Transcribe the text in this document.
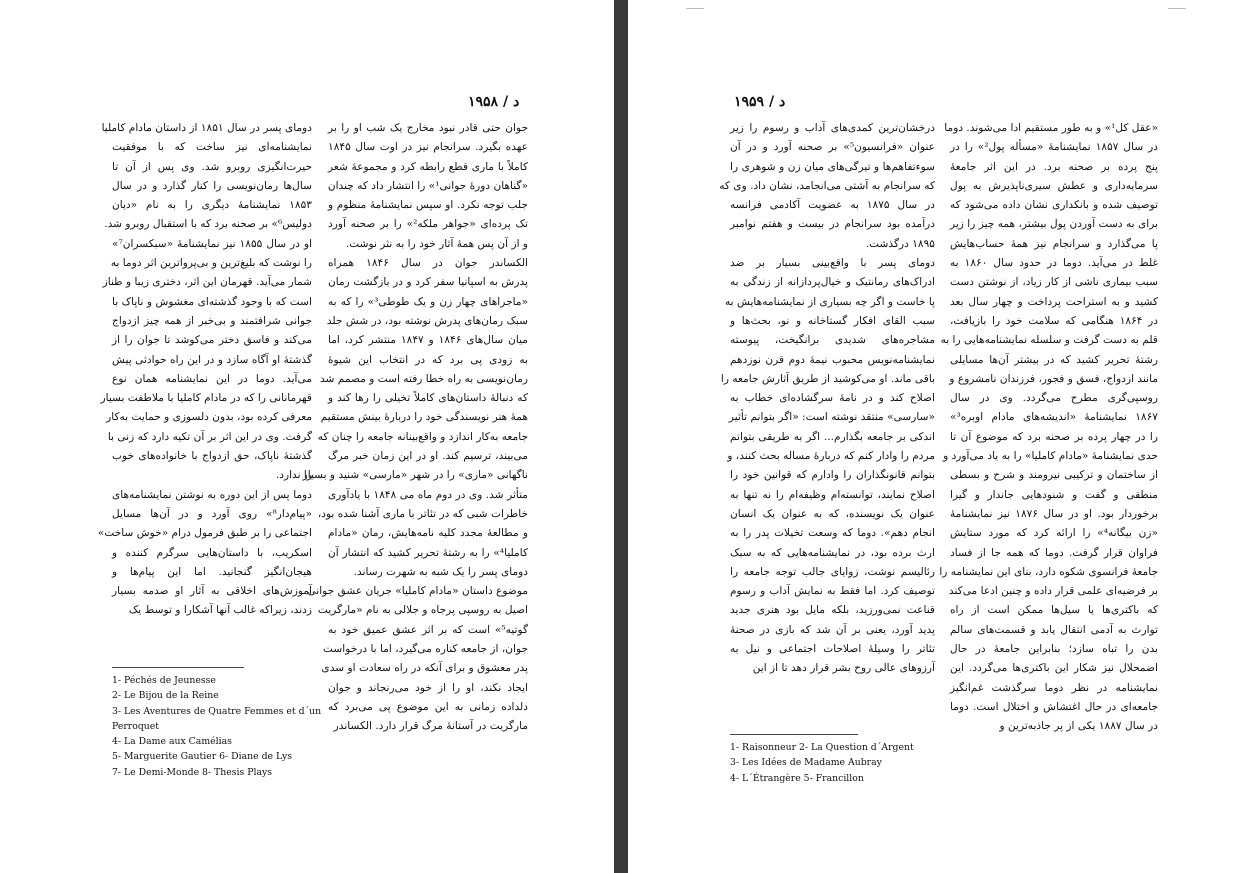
د / ۱۹۵۸
جوان حتی قادر نبود مخارج یک شب او را بر
عهده بگیرد. سرانجام نیز در اوت سال ۱۸۴۵
کاملاً با ماری قطع رابطه کرد و مجموعهٔ شعر
«گناهان دورهٔ جوانی¹» را انتشار داد که چندان
جلب توجه نکرد. او سپس نمایشنامهٔ منظوم و
تک پرده‌ای «جواهر ملکه²» را بر صحنه آورد
و از آن پس همهٔ آثار خود را به نثر نوشت.
الکساندر جوان در سال ۱۸۴۶ همراه
پدرش به اسپانیا سفر کرد و در بازگشت رمان
«ماجراهای چهار زن و یک طوطی³» را که به
سبک رمان‌های پدرش نوشته بود، در شش جلد
میان سال‌های ۱۸۴۶ و ۱۸۴۷ منتشر کرد، اما
به زودی پی برد که در انتخاب این شیوهٔ
رمان‌نویسی به راه خطا رفته است و مصمم شد
که دنبالهٔ داستان‌های کاملاً تخیلی را رها کند و
همهٔ هنر نویسندگی خود را دربارهٔ بینش مستقیم
جامعه به‌کار اندازد و واقع‌بینانه جامعه را چنان که
می‌بیند، ترسیم کند. او در این زمان خبر مرگ
ناگهانی «ماری» را در شهر «مارسی» شنید و بسیار
متأثر شد. وی در دوم ماه می ۱۸۴۸ با یادآوری
خاطرات شبی که در تئاتر با ماری آشنا شده بود،
و مطالعهٔ مجدد کلیه نامه‌هایش، رمان «مادام
کاملیا⁴» را به رشتهٔ تحریر کشید که انتشار آن
دومای پسر را یک شبه به شهرت رساند.
موضوع داستان «مادام کاملیا» جریان عشق جوانی
اصیل به روسپی پرجاه و جلالی به نام «مارگریت
گوتیه⁵» است که بر اثر عشق عمیق خود به
جوان، از جامعه کناره می‌گیرد، اما با درخواست
پدر معشوق و برای آنکه در راه سعادت او سدی
ایجاد نکند، او را از خود می‌رنجاند و جوان
دلداده زمانی به این موضوع پی می‌برد که
مارگریت در آستانهٔ مرگ قرار دارد. الکساندر
دومای پسر در سال ۱۸۵۱ از داستان مادام کاملیا
نمایشنامه‌ای نیز ساخت که با موفقیت
حیرت‌انگیزی روبرو شد. وی پس از آن تا
سال‌ها رمان‌نویسی را کنار گذارد و در سال
۱۸۵۳ نمایشنامهٔ دیگری را به نام «دیان
دولیس⁶» بر صحنه برد که با استقبال روبرو شد.
او در سال ۱۸۵۵ نیز نمایشنامهٔ «سبکسران⁷»
را نوشت که بلیغ‌ترین و بی‌پرواترین اثر دوما به
شمار می‌آید. قهرمان این اثر، دختری زیبا و طناز
است که با وجود گذشته‌ای مغشوش و ناپاک با
جوانی شرافتمند و بی‌خبر از همه چیز ازدواج
می‌کند و فاسق دختر می‌کوشد تا جوان را از
گذشتهٔ او آگاه سازد و در این راه حوادثی پیش
می‌آید. دوما در این نمایشنامه همان نوع
قهرمانانی را که در مادام کاملیا با ملاطفت بسیار
معرفی کرده بود، بدون دلسوزی و حمایت به‌کار
گرفت. وی در این اثر بر آن تکیه دارد که زنی با
گذشتهٔ ناپاک، حق ازدواج با خانواده‌های خوب
را ندارد.
دوما پس از این دوره به نوشتن نمایشنامه‌های
«پیام‌دار⁸» روی آورد و در آن‌ها مسایل
اجتماعی را بر طبق فرمول درام «خوش ساخت»
اسکریب، با داستان‌هایی سرگرم کننده و
هیجان‌انگیز گنجانید. اما این پیام‌ها و
آموزش‌های اخلاقی به آثار او صدمه بسیار
زدند، زیراکه غالب آنها آشکارا و توسط یک
1- Péchés de Jeunesse
2- Le Bijou de la Reine
3- Les Aventures de Quatre Femmes et d´un
Perroquet
4- La Dame aux Camélias
5- Marguerite Gautier 6- Diane de Lys
7- Le Demi-Monde 8- Thesis Plays
د / ۱۹۵۹
«عقل کل¹» و به طور مستقیم ادا می‌شوند. دوما
در سال ۱۸۵۷ نمایشنامهٔ «مسأله پول²» را در
پنج پرده بر صحنه برد. در این اثر جامعهٔ
سرمایه‌داری و عطش سیری‌ناپذیرش به پول
توصیف شده و بانکداری نشان داده می‌شود که
برای به دست آوردن پول بیشتر، همه چیز را زیر
پا می‌گذارد و سرانجام نیز همهٔ حساب‌هایش
غلط در می‌آید. دوما در حدود سال ۱۸۶۰ به
سبب بیماری ناشی از کار زیاد، از نوشتن دست
کشید و به استراحت پرداخت و چهار سال بعد
در ۱۸۶۴ هنگامی که سلامت خود را بازیافت،
قلم به دست گرفت و سلسله نمایشنامه‌هایی را به
رشتهٔ تحریر کشید که در بیشتر آن‌ها مسایلی
مانند ازدواج، فسق و فجور، فرزندان نامشروع و
روسپی‌گری مطرح می‌گردد. وی در سال
۱۸۶۷ نمایشنامهٔ «اندیشه‌های مادام اوبره³»
را در چهار پرده بر صحنه برد که موضوع آن تا
حدی نمایشنامهٔ «مادام کاملیا» را به یاد می‌آورد و
از ساختمان و ترکیبی نیرومند و شرح و بسطی
منطقی و گفت و شنودهایی جاندار و گیرا
برخوردار بود. او در سال ۱۸۷۶ نیز نمایشنامهٔ
«زن بیگانه⁴» را ارائه کرد که مورد ستایش
فراوان قرار گرفت. دوما که همه جا از فساد
جامعهٔ فرانسوی شکوه دارد، بنای این نمایشنامه را
بر فرضیه‌ای علمی قرار داده و چنین ادعا می‌کند
که باکتری‌ها یا سیل‌ها ممکن است از راه
توارث به آدمی انتقال یابد و قسمت‌های سالم
بدن را تباه سازد؛ بنابراین جامعهٔ در حال
اضمحلال نیز شکار این باکتری‌ها می‌گردد. این
نمایشنامه در نظر دوما سرگذشت غم‌انگیز
جامعه‌ای در حال اغتشاش و اختلال است. دوما
در سال ۱۸۸۷ یکی از پر جاذبه‌ترین و
درخشان‌ترین کمدی‌های آداب و رسوم را زیر
عنوان «فرانسیون⁵» بر صحنه آورد و در آن
سوءتفاهم‌ها و تیرگی‌های میان زن و شوهری را
که سرانجام به آشتی می‌انجامد، نشان داد. وی که
در سال ۱۸۷۵ به عضویت آکادمی فرانسه
درآمده بود سرانجام در بیست و هفتم نوامبر
۱۸۹۵ درگذشت.
دومای پسر با واقع‌بینی بسیار بر ضد
ادراک‌های رمانتیک و خیال‌پردازانه از زندگی به
پا خاست و اگر چه بسیاری از نمایشنامه‌هایش به
سبب القای افکار گستاخانه و نو، بحث‌ها و
مشاجره‌های شدیدی برانگیخت، پیوسته
نمایشنامه‌نویس محبوب نیمهٔ دوم قرن نوزدهم
باقی ماند. او می‌کوشید از طریق آثارش جامعه را
اصلاح کند و در نامهٔ سرگشاده‌ای خطاب به
«سارسی» منتقد نوشته است: «اگر بتوانم تأثیر
اندکی بر جامعه بگذارم... اگر به طریقی بتوانم
مردم را وادار کنم که دربارهٔ مساله بحث کنند، و
بتوانم قانونگذاران را وادارم که قوانین خود را
اصلاح نمایند، توانسته‌ام وظیفه‌ام را نه تنها به
عنوان یک نویسنده، که به عنوان یک انسان
انجام دهم». دوما که وسعت تخیلات پدر را به
ارث برده بود، در نمایشنامه‌هایی که به سبک
رئالیسم نوشت، زوایای جالب توجه جامعه را
توصیف کرد. اما فقط به نمایش آداب و رسوم
قناعت نمی‌ورزید، بلکه مایل بود هنری جدید
پدید آورد، یعنی بر آن شد که بازی در صحنهٔ
تئاتر را وسیلهٔ اصلاحات اجتماعی و نیل به
آرزوهای عالی روح بشر قرار دهد تا از این
1- Raisonneur 2- La Question d´Argent
3- Les Idées de Madame Aubray
4- L´Étrangère 5- Francillon
